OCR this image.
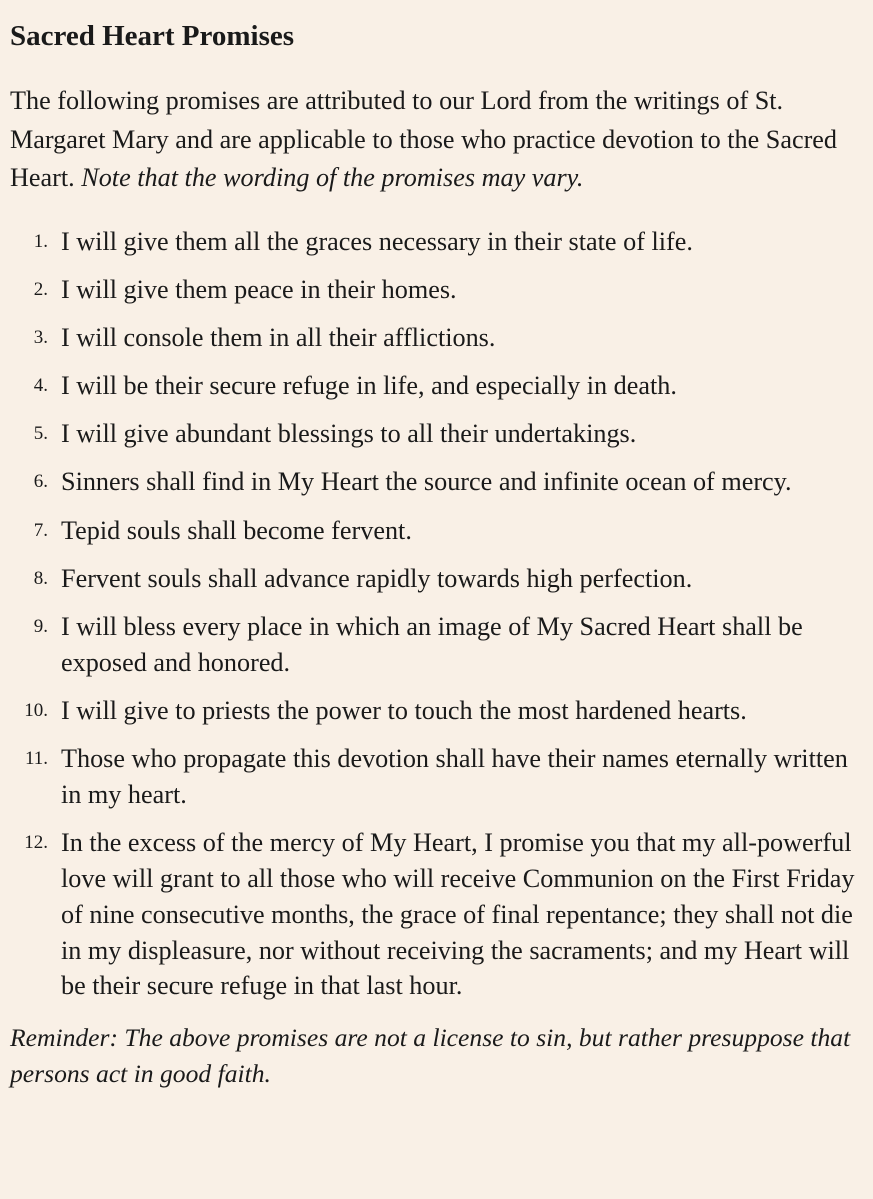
Sacred Heart Promises

The following promises are attributed to our Lord from the writings of St. Margaret Mary and are applicable to those who practice devotion to the Sacred Heart. Note that the wording of the promises may vary.

1. I will give them all the graces necessary in their state of life.
2. I will give them peace in their homes.
3. I will console them in all their afflictions.
4. I will be their secure refuge in life, and especially in death.
5. I will give abundant blessings to all their undertakings.
6. Sinners shall find in My Heart the source and infinite ocean of mercy.
7. Tepid souls shall become fervent.
8. Fervent souls shall advance rapidly towards high perfection.
9. I will bless every place in which an image of My Sacred Heart shall be exposed and honored.
10. I will give to priests the power to touch the most hardened hearts.
11. Those who propagate this devotion shall have their names eternally written in my heart.
12. In the excess of the mercy of My Heart, I promise you that my all-powerful love will grant to all those who will receive Communion on the First Friday of nine consecutive months, the grace of final repentance; they shall not die in my displeasure, nor without receiving the sacraments; and my Heart will be their secure refuge in that last hour.

Reminder: The above promises are not a license to sin, but rather presuppose that persons act in good faith.
